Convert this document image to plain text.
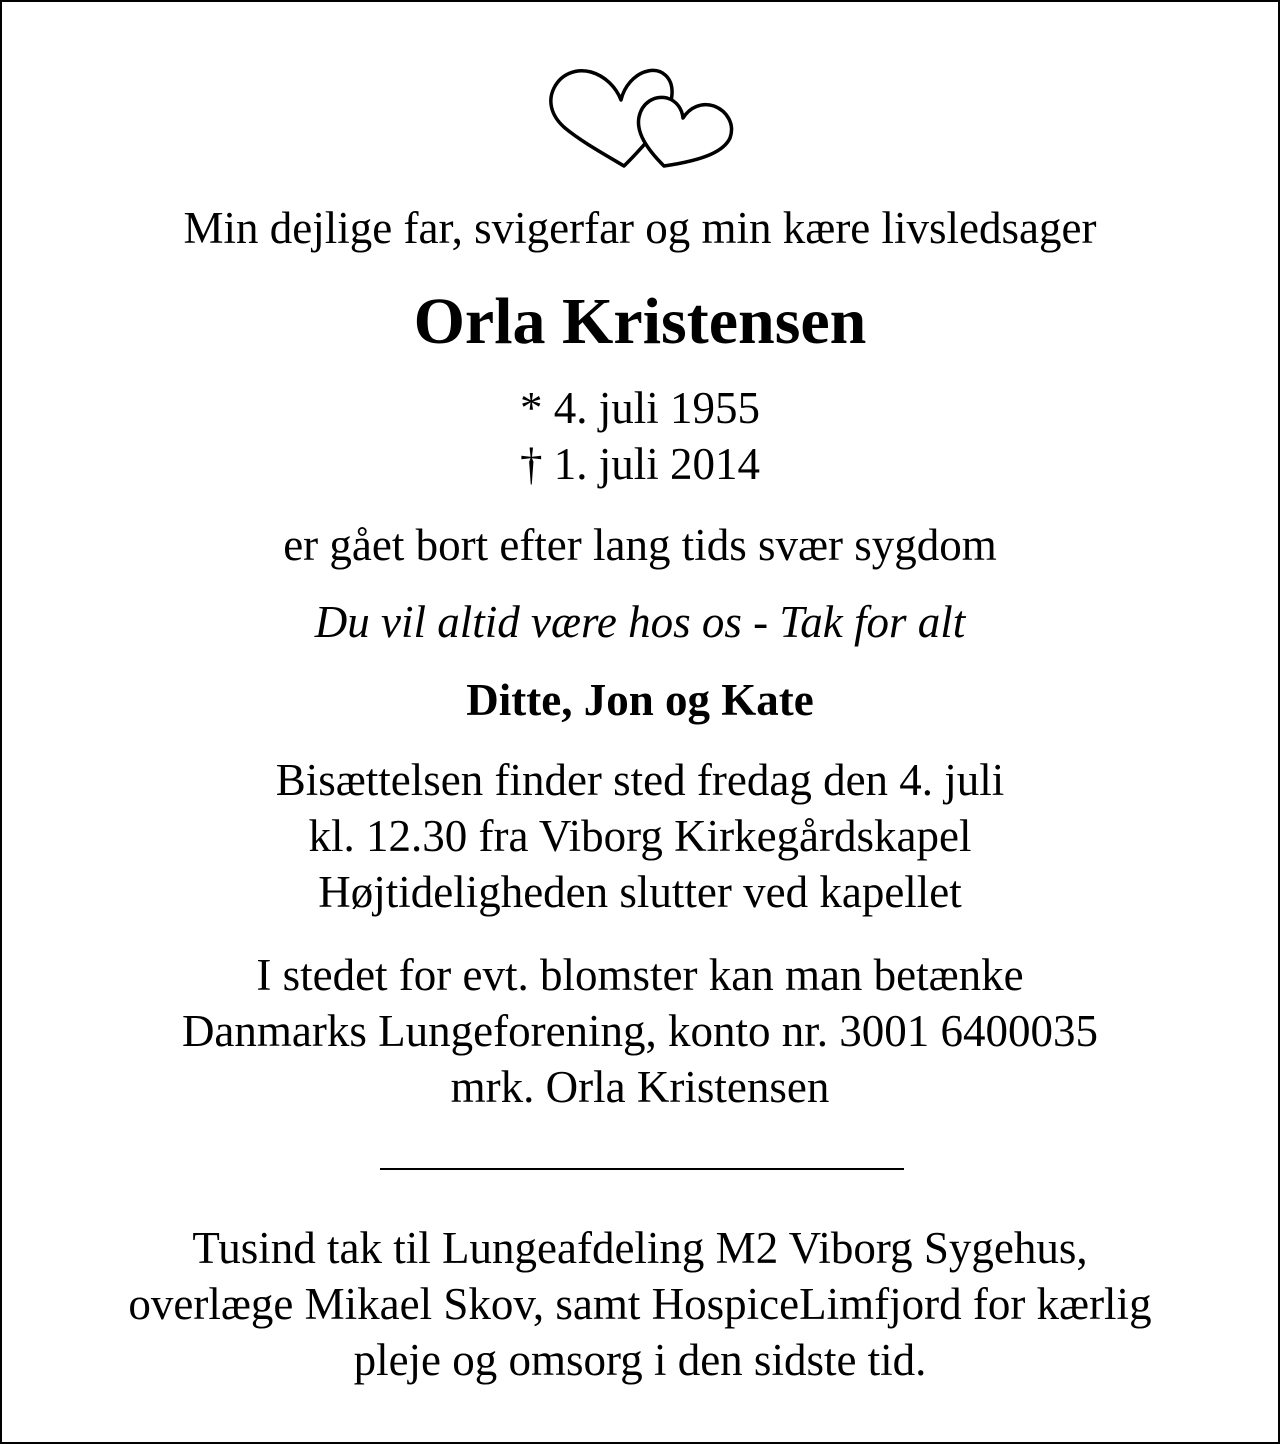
Min dejlige far, svigerfar og min kære livsledsager

Orla Kristensen

* 4. juli 1955
† 1. juli 2014

er gået bort efter lang tids svær sygdom

Du vil altid være hos os - Tak for alt

Ditte, Jon og Kate

Bisættelsen finder sted fredag den 4. juli
kl. 12.30 fra Viborg Kirkegårdskapel
Højtideligheden slutter ved kapellet

I stedet for evt. blomster kan man betænke
Danmarks Lungeforening, konto nr. 3001 6400035
mrk. Orla Kristensen

Tusind tak til Lungeafdeling M2 Viborg Sygehus,
overlæge Mikael Skov, samt HospiceLimfjord for kærlig
pleje og omsorg i den sidste tid.
